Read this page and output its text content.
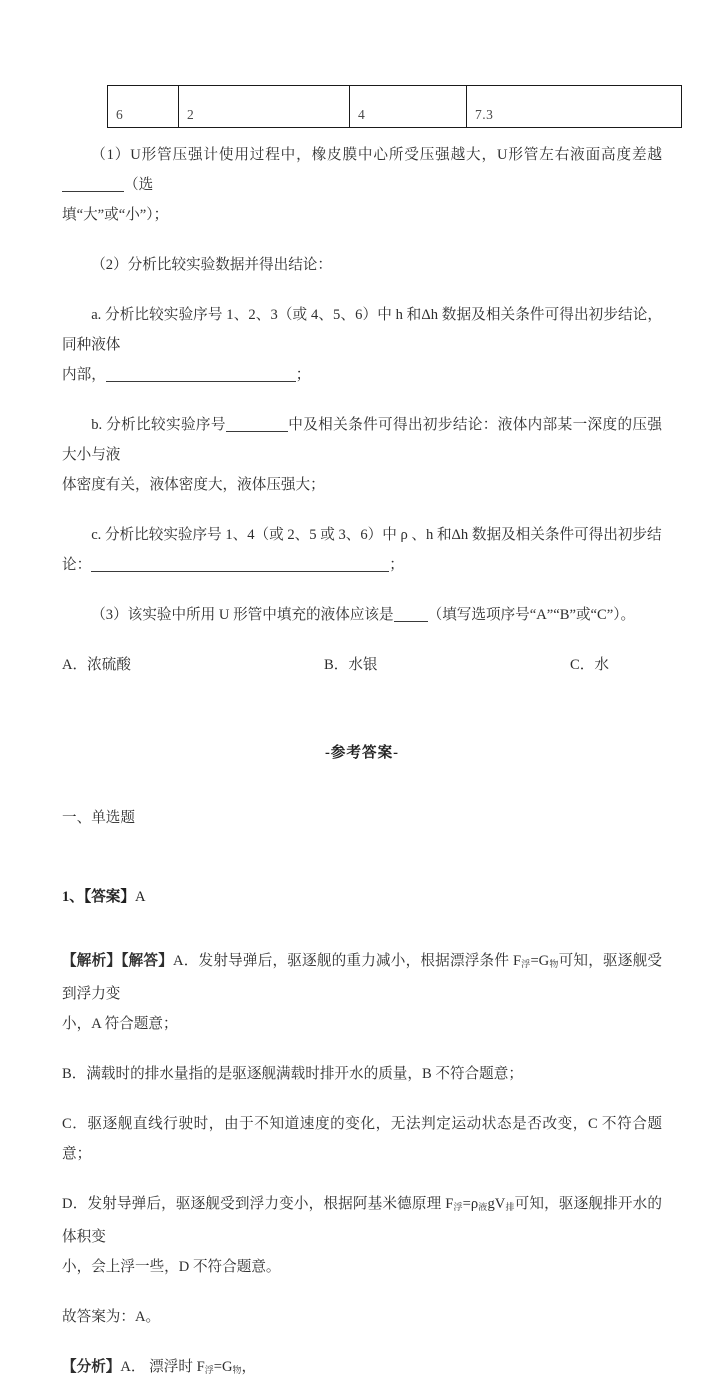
6	2	4	7.3

（1）U形管压强计使用过程中，橡皮膜中心所受压强越大，U形管左右液面高度差越（选

填“大”或“小”）；

（2）分析比较实验数据并得出结论：

a. 分析比较实验序号 1、2、3（或 4、5、6）中 h 和Δh 数据及相关条件可得出初步结论，同种液体

内部，	；

b. 分析比较实验序号	中及相关条件可得出初步结论：液体内部某一深度的压强大小与液

体密度有关，液体密度大，液体压强大；

c. 分析比较实验序号 1、4（或 2、5 或 3、6）中 ρ 、h 和Δh 数据及相关条件可得出初步结

论：	；

（3）该实验中所用 U 形管中填充的液体应该是 （填写选项序号“A”“B”或“C”）。

A．浓硫酸	B．水银	C．水
-参考答案-

一、单选题

1、【答案】A

【解析】【解答】A．发射导弹后，驱逐舰的重力减小，根据漂浮条件 $F_浮=G_物$可知，驱逐舰受到浮力变

小，A 符合题意；

B．满载时的排水量指的是驱逐舰满载时排开水的质量，B 不符合题意；

C．驱逐舰直线行驶时，由于不知道速度的变化，无法判定运动状态是否改变，C 不符合题意；

D．发射导弹后，驱逐舰受到浮力变小，根据阿基米德原理 $F_浮=\rho_液gV_排$可知，驱逐舰排开水的体积变

小，会上浮一些，D 不符合题意。

故答案为：A。

【分析】A． 漂浮时 $F_浮=G_物$，
